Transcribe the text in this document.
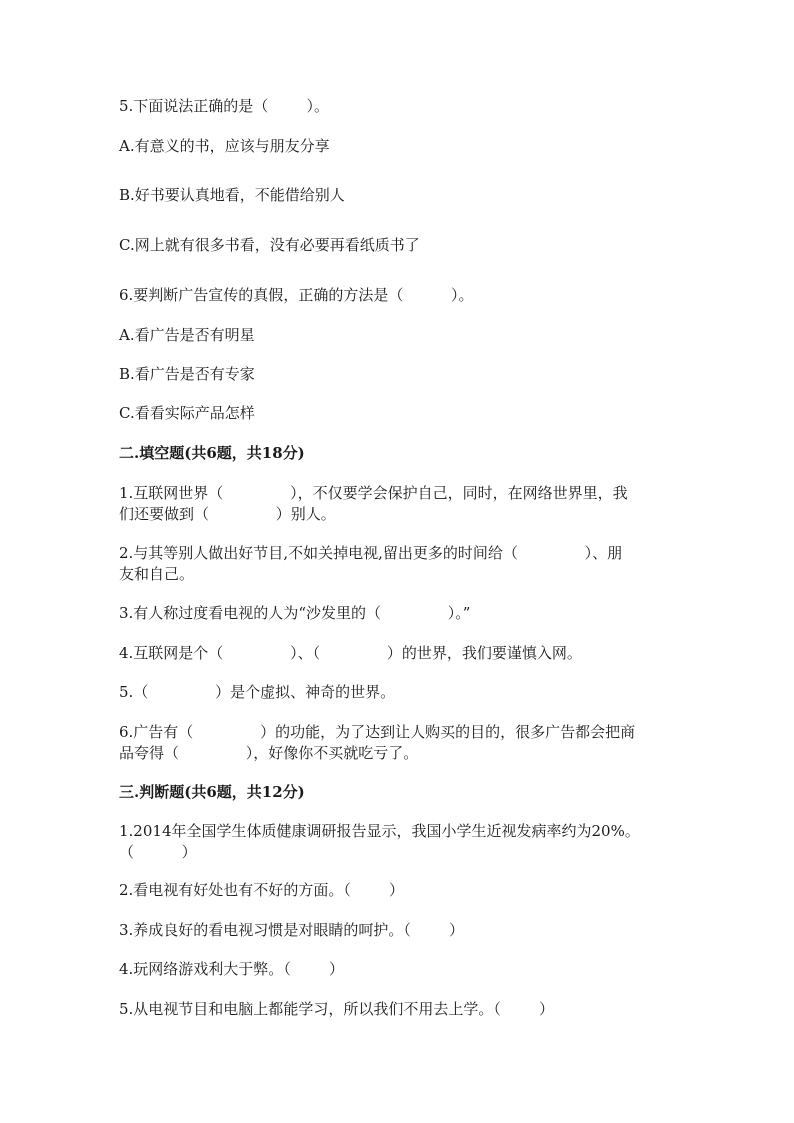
5.下面说法正确的是（        ）。
A.有意义的书，应该与朋友分享
B.好书要认真地看，不能借给别人
C.网上就有很多书看，没有必要再看纸质书了
6.要判断广告宣传的真假，正确的方法是（          ）。
A.看广告是否有明星
B.看广告是否有专家
C.看看实际产品怎样
二.填空题(共6题，共18分)
1.互联网世界（              ），不仅要学会保护自己，同时，在网络世界里，我
们还要做到（              ）别人。
2.与其等别人做出好节目,不如关掉电视,留出更多的时间给（              ）、朋
友和自己。
3.有人称过度看电视的人为“沙发里的（              ）。”
4.互联网是个（              ）、（              ）的世界，我们要谨慎入网。
5.（              ）是个虚拟、神奇的世界。
6.广告有（              ）的功能，为了达到让人购买的目的，很多广告都会把商
品夸得（              ），好像你不买就吃亏了。
三.判断题(共6题，共12分)
1.2014年全国学生体质健康调研报告显示，我国小学生近视发病率约为20%。
（          ）
2.看电视有好处也有不好的方面。（        ）
3.养成良好的看电视习惯是对眼睛的呵护。（        ）
4.玩网络游戏利大于弊。（        ）
5.从电视节目和电脑上都能学习，所以我们不用去上学。（        ）
